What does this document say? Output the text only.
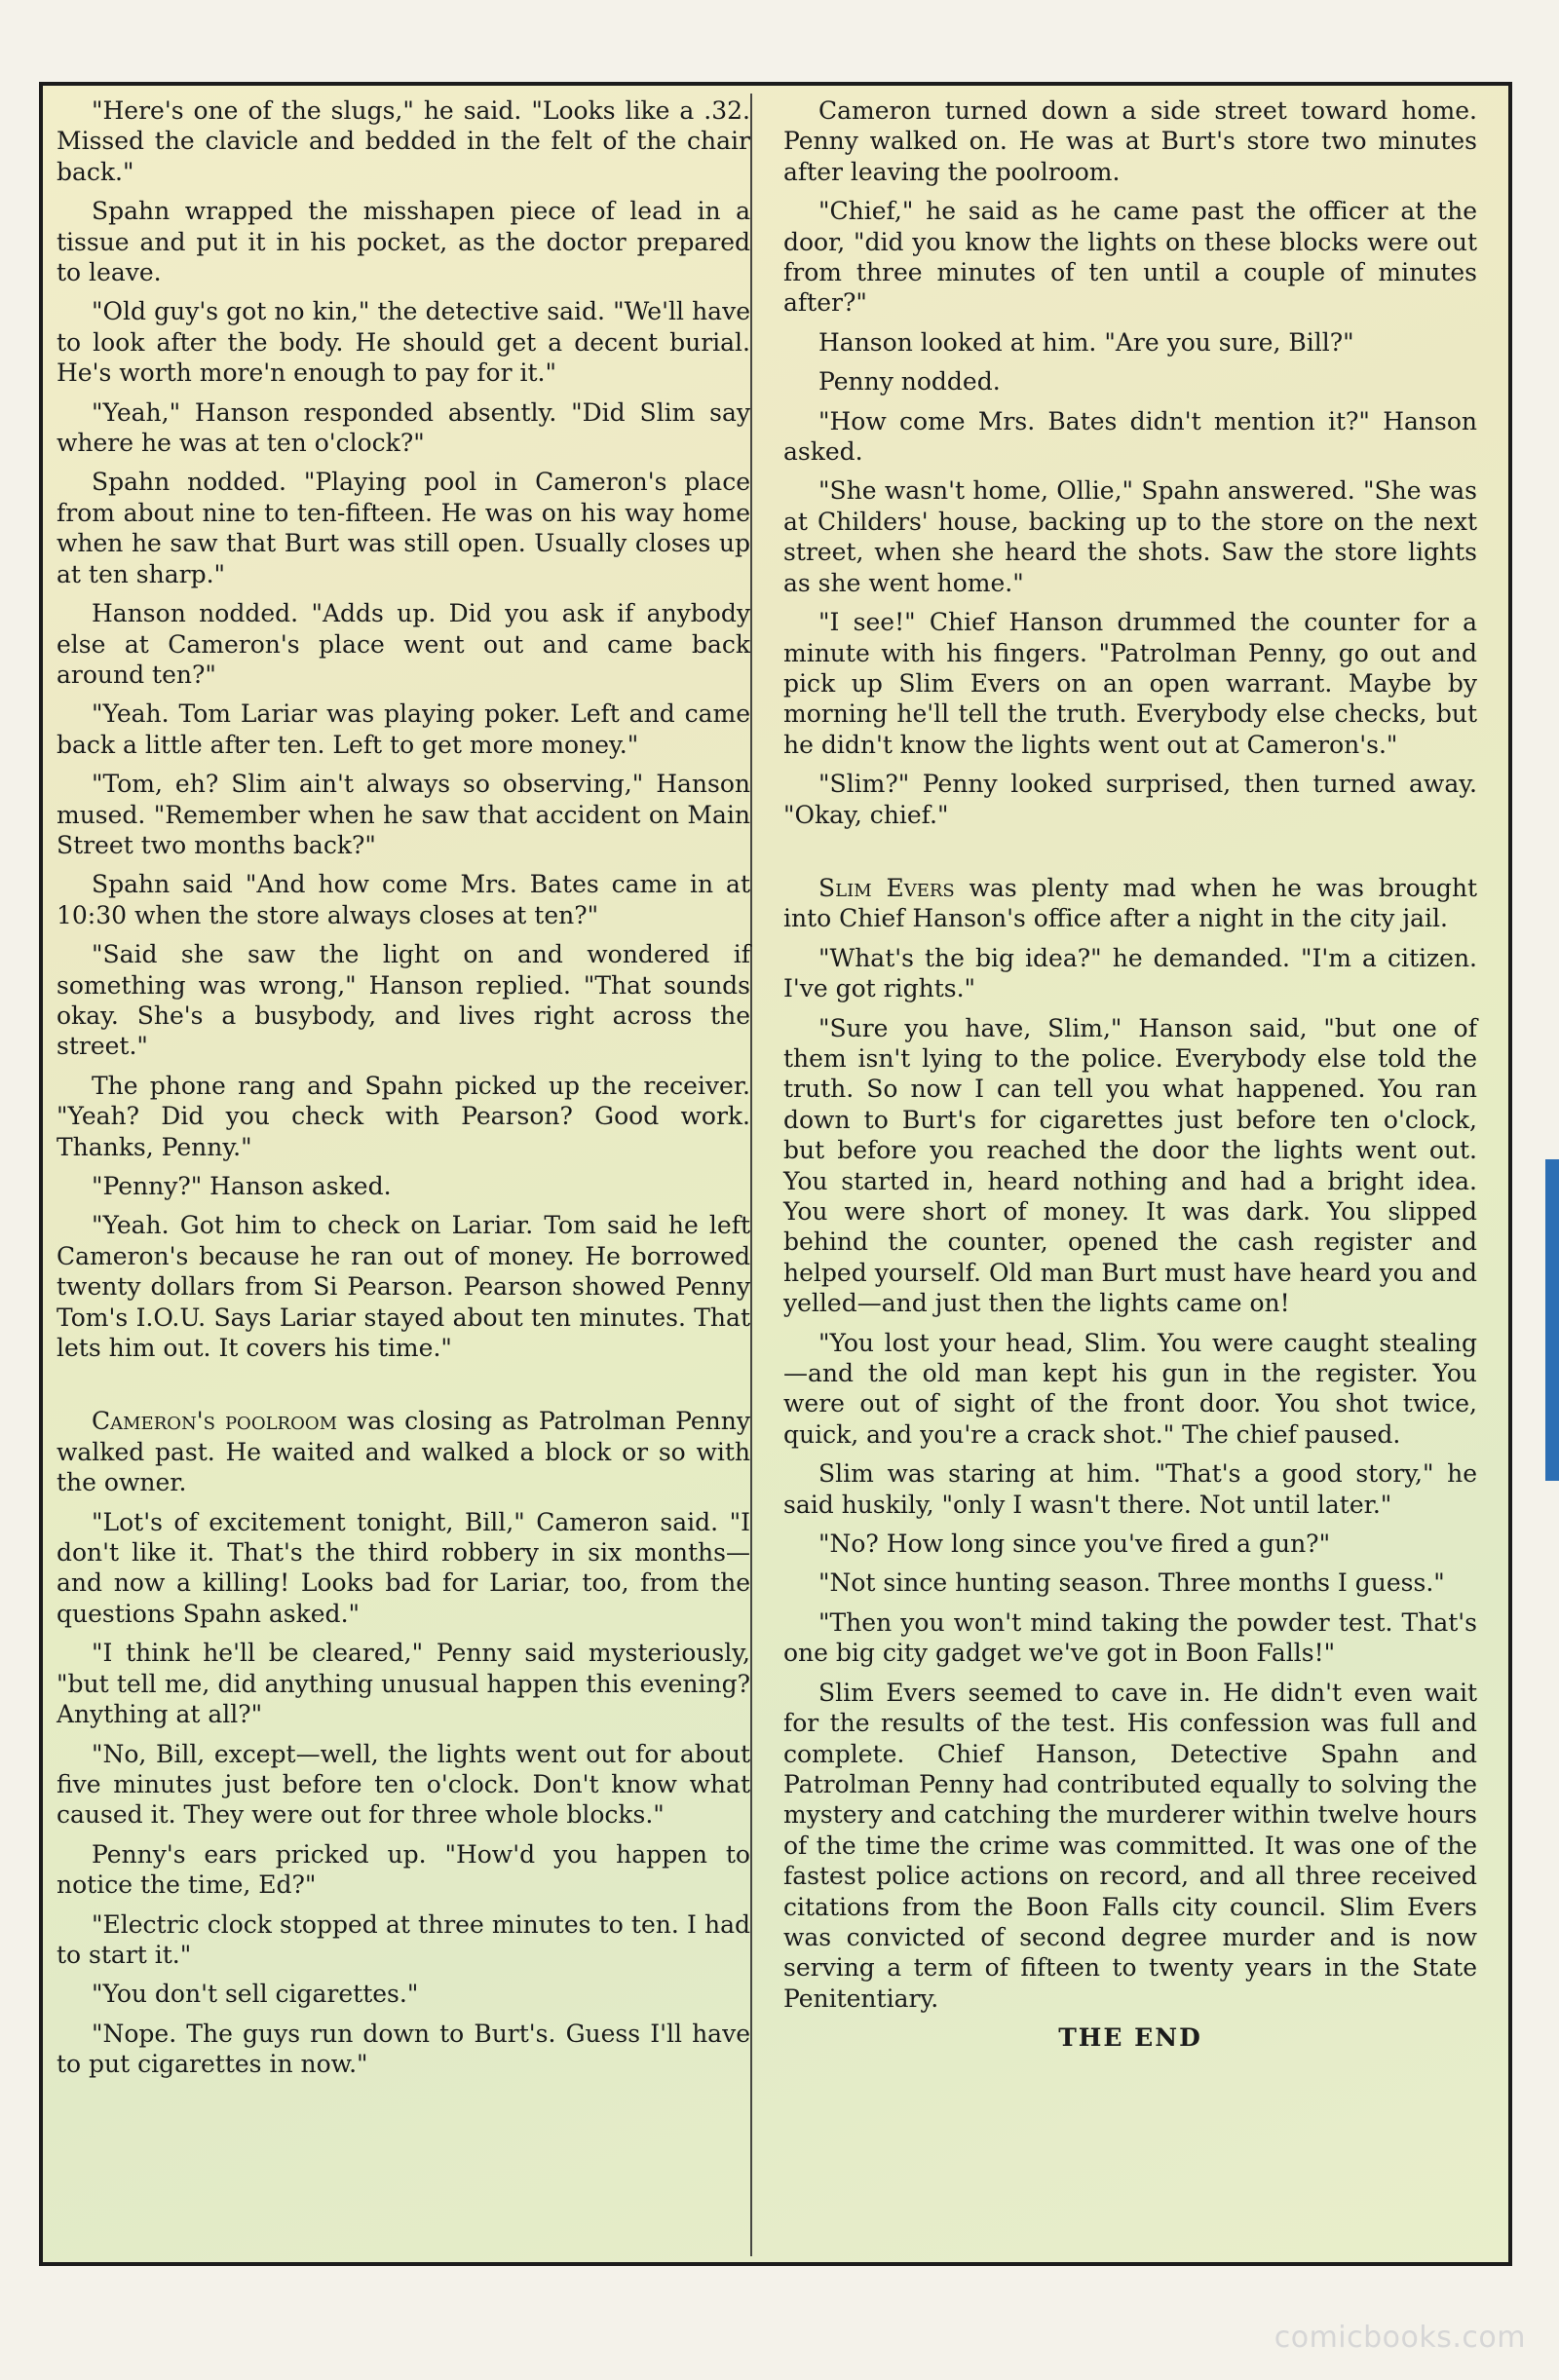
"Here's one of the slugs," he said. "Looks like a .32. Missed the clavicle and bedded in the felt of the chair back."

Spahn wrapped the misshapen piece of lead in a tissue and put it in his pocket, as the doctor prepared to leave.

"Old guy's got no kin," the detective said. "We'll have to look after the body. He should get a decent burial. He's worth more'n enough to pay for it."

"Yeah," Hanson responded absently. "Did Slim say where he was at ten o'clock?"

Spahn nodded. "Playing pool in Cameron's place from about nine to ten-fifteen. He was on his way home when he saw that Burt was still open. Usually closes up at ten sharp."

Hanson nodded. "Adds up. Did you ask if anybody else at Cameron's place went out and came back around ten?"

"Yeah. Tom Lariar was playing poker. Left and came back a little after ten. Left to get more money."

"Tom, eh? Slim ain't always so observing," Hanson mused. "Remember when he saw that accident on Main Street two months back?"

Spahn said "And how come Mrs. Bates came in at 10:30 when the store always closes at ten?"

"Said she saw the light on and wondered if something was wrong," Hanson replied. "That sounds okay. She's a busybody, and lives right across the street."

The phone rang and Spahn picked up the receiver. "Yeah? Did you check with Pearson? Good work. Thanks, Penny."

"Penny?" Hanson asked.

"Yeah. Got him to check on Lariar. Tom said he left Cameron's because he ran out of money. He borrowed twenty dollars from Si Pearson. Pearson showed Penny Tom's I.O.U. Says Lariar stayed about ten minutes. That lets him out. It covers his time."

Cameron's poolroom was closing as Patrolman Penny walked past. He waited and walked a block or so with the owner.

"Lot's of excitement tonight, Bill," Cameron said. "I don't like it. That's the third robbery in six months—and now a killing! Looks bad for Lariar, too, from the questions Spahn asked."

"I think he'll be cleared," Penny said mysteriously, "but tell me, did anything unusual happen this evening? Anything at all?"

"No, Bill, except—well, the lights went out for about five minutes just before ten o'clock. Don't know what caused it. They were out for three whole blocks."

Penny's ears pricked up. "How'd you happen to notice the time, Ed?"

"Electric clock stopped at three minutes to ten. I had to start it."

"You don't sell cigarettes."

"Nope. The guys run down to Burt's. Guess I'll have to put cigarettes in now."

Cameron turned down a side street toward home. Penny walked on. He was at Burt's store two minutes after leaving the poolroom.

"Chief," he said as he came past the officer at the door, "did you know the lights on these blocks were out from three minutes of ten until a couple of minutes after?"

Hanson looked at him. "Are you sure, Bill?"

Penny nodded.

"How come Mrs. Bates didn't mention it?" Hanson asked.

"She wasn't home, Ollie," Spahn answered. "She was at Childers' house, backing up to the store on the next street, when she heard the shots. Saw the store lights as she went home."

"I see!" Chief Hanson drummed the counter for a minute with his fingers. "Patrolman Penny, go out and pick up Slim Evers on an open warrant. Maybe by morning he'll tell the truth. Everybody else checks, but he didn't know the lights went out at Cameron's."

"Slim?" Penny looked surprised, then turned away. "Okay, chief."

Slim Evers was plenty mad when he was brought into Chief Hanson's office after a night in the city jail.

"What's the big idea?" he demanded. "I'm a citizen. I've got rights."

"Sure you have, Slim," Hanson said, "but one of them isn't lying to the police. Everybody else told the truth. So now I can tell you what happened. You ran down to Burt's for cigarettes just before ten o'clock, but before you reached the door the lights went out. You started in, heard nothing and had a bright idea. You were short of money. It was dark. You slipped behind the counter, opened the cash register and helped yourself. Old man Burt must have heard you and yelled—and just then the lights came on!

"You lost your head, Slim. You were caught stealing—and the old man kept his gun in the register. You were out of sight of the front door. You shot twice, quick, and you're a crack shot." The chief paused.

Slim was staring at him. "That's a good story," he said huskily, "only I wasn't there. Not until later."

"No? How long since you've fired a gun?"

"Not since hunting season. Three months I guess."

"Then you won't mind taking the powder test. That's one big city gadget we've got in Boon Falls!"

Slim Evers seemed to cave in. He didn't even wait for the results of the test. His confession was full and complete. Chief Hanson, Detective Spahn and Patrolman Penny had contributed equally to solving the mystery and catching the murderer within twelve hours of the time the crime was committed. It was one of the fastest police actions on record, and all three received citations from the Boon Falls city council. Slim Evers was convicted of second degree murder and is now serving a term of fifteen to twenty years in the State Penitentiary.

THE END

comicbooks.com
